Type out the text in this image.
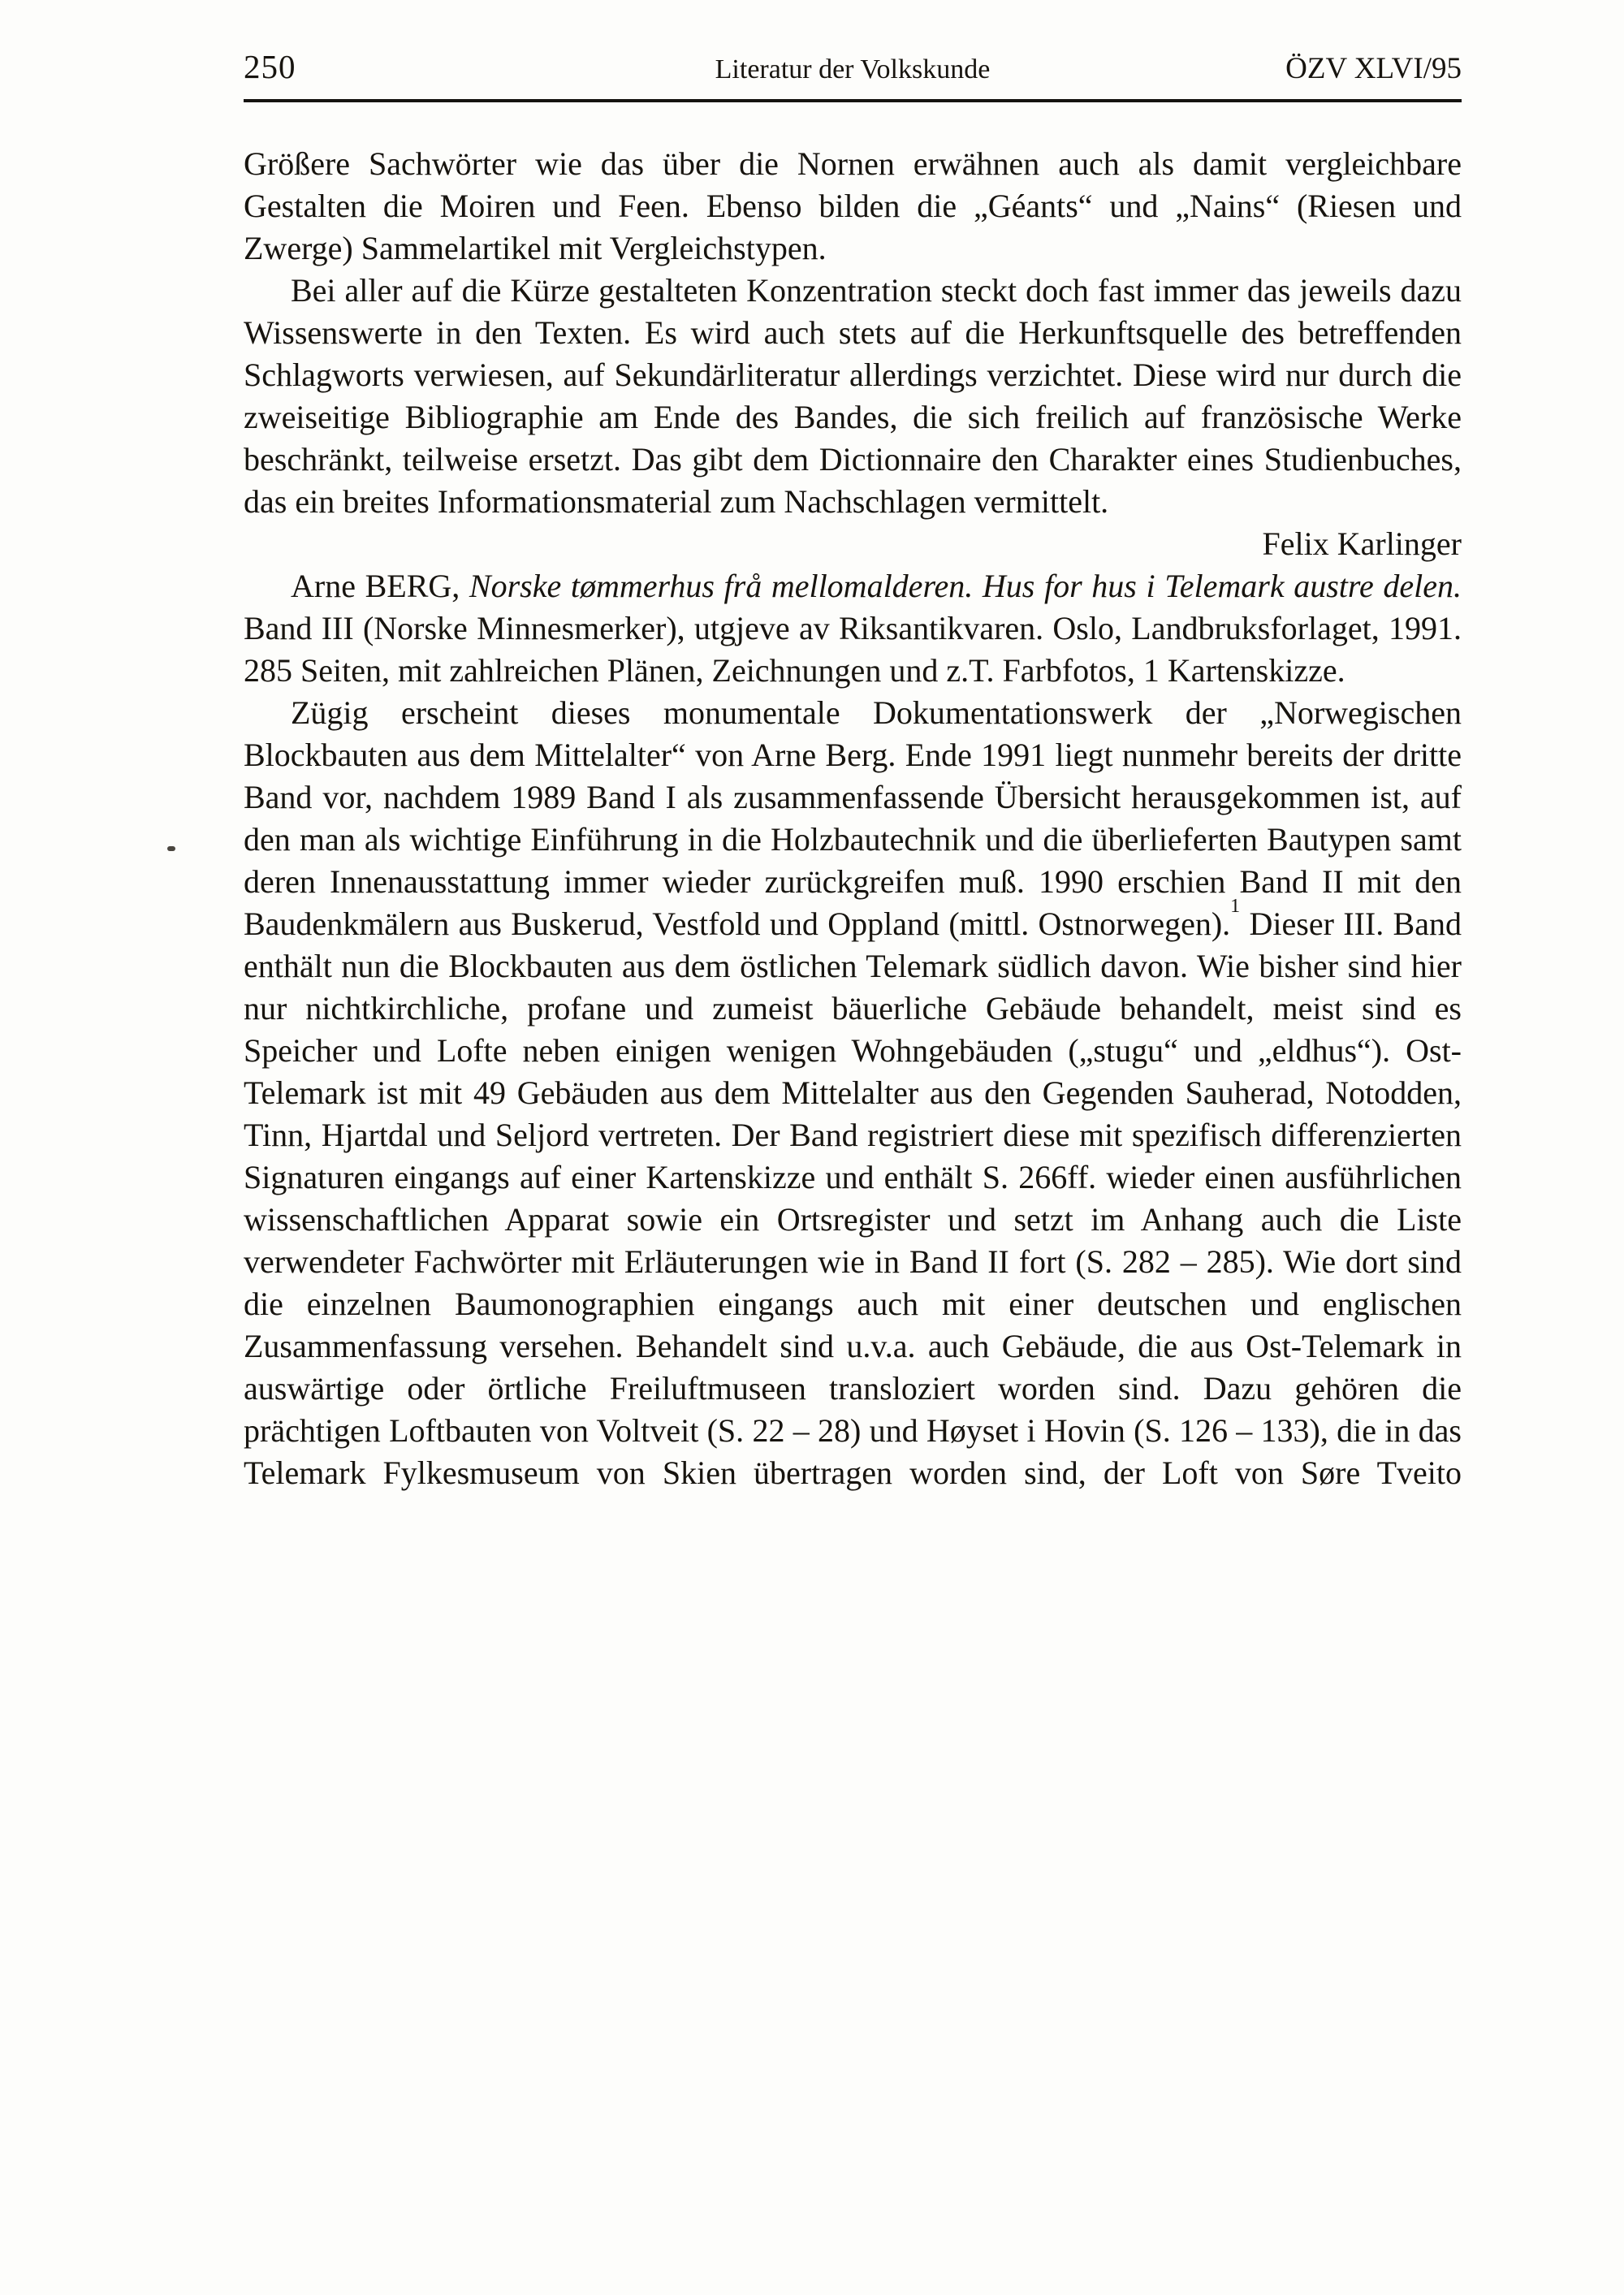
250	Literatur der Volkskunde	ÖZV XLVI/95

Größere Sachwörter wie das über die Nornen erwähnen auch als damit vergleichbare Gestalten die Moiren und Feen. Ebenso bilden die „Géants“ und „Nains“ (Riesen und Zwerge) Sammelartikel mit Vergleichstypen.

Bei aller auf die Kürze gestalteten Konzentration steckt doch fast immer das jeweils dazu Wissenswerte in den Texten. Es wird auch stets auf die Herkunftsquelle des betreffenden Schlagworts verwiesen, auf Sekundärliteratur allerdings verzichtet. Diese wird nur durch die zweiseitige Bibliographie am Ende des Bandes, die sich freilich auf französische Werke beschränkt, teilweise ersetzt. Das gibt dem Dictionnaire den Charakter eines Studienbuches, das ein breites Informationsmaterial zum Nachschlagen vermittelt.

Felix Karlinger

Arne BERG, Norske tømmerhus frå mellomalderen. Hus for hus i Telemark austre delen. Band III (Norske Minnesmerker), utgjeve av Riksantikvaren. Oslo, Landbruksforlaget, 1991. 285 Seiten, mit zahlreichen Plänen, Zeichnungen und z.T. Farbfotos, 1 Kartenskizze.

Zügig erscheint dieses monumentale Dokumentationswerk der „Norwegischen Blockbauten aus dem Mittelalter“ von Arne Berg. Ende 1991 liegt nunmehr bereits der dritte Band vor, nachdem 1989 Band I als zusammenfassende Übersicht herausgekommen ist, auf den man als wichtige Einführung in die Holzbautechnik und die überlieferten Bautypen samt deren Innenausstattung immer wieder zurückgreifen muß. 1990 erschien Band II mit den Baudenkmälern aus Buskerud, Vestfold und Oppland (mittl. Ostnorwegen).$^1$ Dieser III. Band enthält nun die Blockbauten aus dem östlichen Telemark südlich davon. Wie bisher sind hier nur nichtkirchliche, profane und zumeist bäuerliche Gebäude behandelt, meist sind es Speicher und Lofte neben einigen wenigen Wohngebäuden („stugu“ und „eldhus“). Ost-Telemark ist mit 49 Gebäuden aus dem Mittelalter aus den Gegenden Sauherad, Notodden, Tinn, Hjartdal und Seljord vertreten. Der Band registriert diese mit spezifisch differenzierten Signaturen eingangs auf einer Kartenskizze und enthält S. 266ff. wieder einen ausführlichen wissenschaftlichen Apparat sowie ein Ortsregister und setzt im Anhang auch die Liste verwendeter Fachwörter mit Erläuterungen wie in Band II fort (S. 282 – 285). Wie dort sind die einzelnen Baumonographien eingangs auch mit einer deutschen und englischen Zusammenfassung versehen. Behandelt sind u.v.a. auch Gebäude, die aus Ost-Telemark in auswärtige oder örtliche Freiluftmuseen transloziert worden sind. Dazu gehören die prächtigen Loftbauten von Voltveit (S. 22 – 28) und Høyset i Hovin (S. 126 – 133), die in das Telemark Fylkesmuseum von Skien übertragen worden sind, der Loft von Søre Tveito
